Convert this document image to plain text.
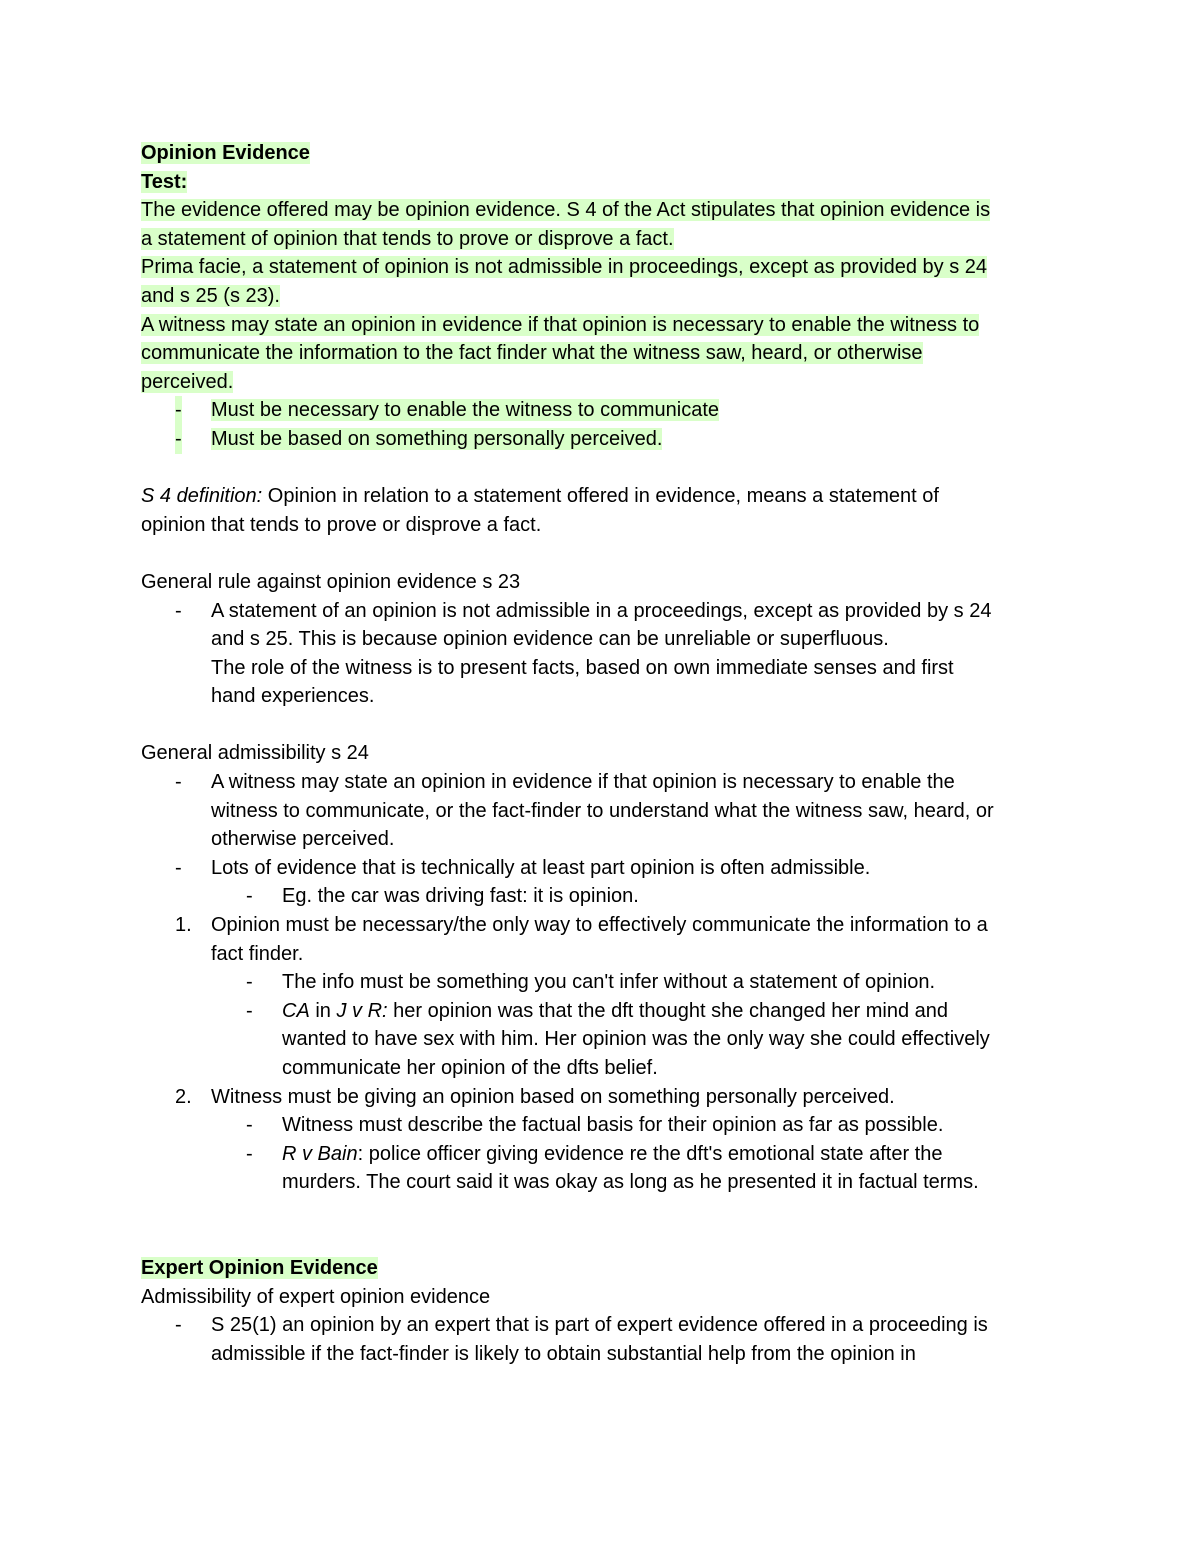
Opinion Evidence
Test:
The evidence offered may be opinion evidence. S 4 of the Act stipulates that opinion evidence is
a statement of opinion that tends to prove or disprove a fact.
Prima facie, a statement of opinion is not admissible in proceedings, except as provided by s 24
and s 25 (s 23).
A witness may state an opinion in evidence if that opinion is necessary to enable the witness to
communicate the information to the fact finder what the witness saw, heard, or otherwise
perceived.
- Must be necessary to enable the witness to communicate
- Must be based on something personally perceived.
S 4 definition: Opinion in relation to a statement offered in evidence, means a statement of
opinion that tends to prove or disprove a fact.
General rule against opinion evidence s 23
- A statement of an opinion is not admissible in a proceedings, except as provided by s 24
and s 25. This is because opinion evidence can be unreliable or superfluous.
The role of the witness is to present facts, based on own immediate senses and first
hand experiences.
General admissibility s 24
- A witness may state an opinion in evidence if that opinion is necessary to enable the
witness to communicate, or the fact-finder to understand what the witness saw, heard, or
otherwise perceived.
- Lots of evidence that is technically at least part opinion is often admissible.
- Eg. the car was driving fast: it is opinion.
1. Opinion must be necessary/the only way to effectively communicate the information to a
fact finder.
- The info must be something you can't infer without a statement of opinion.
- CA in J v R: her opinion was that the dft thought she changed her mind and
wanted to have sex with him. Her opinion was the only way she could effectively
communicate her opinion of the dfts belief.
2. Witness must be giving an opinion based on something personally perceived.
- Witness must describe the factual basis for their opinion as far as possible.
- R v Bain: police officer giving evidence re the dft's emotional state after the
murders. The court said it was okay as long as he presented it in factual terms.
Expert Opinion Evidence
Admissibility of expert opinion evidence
- S 25(1) an opinion by an expert that is part of expert evidence offered in a proceeding is
admissible if the fact-finder is likely to obtain substantial help from the opinion in
